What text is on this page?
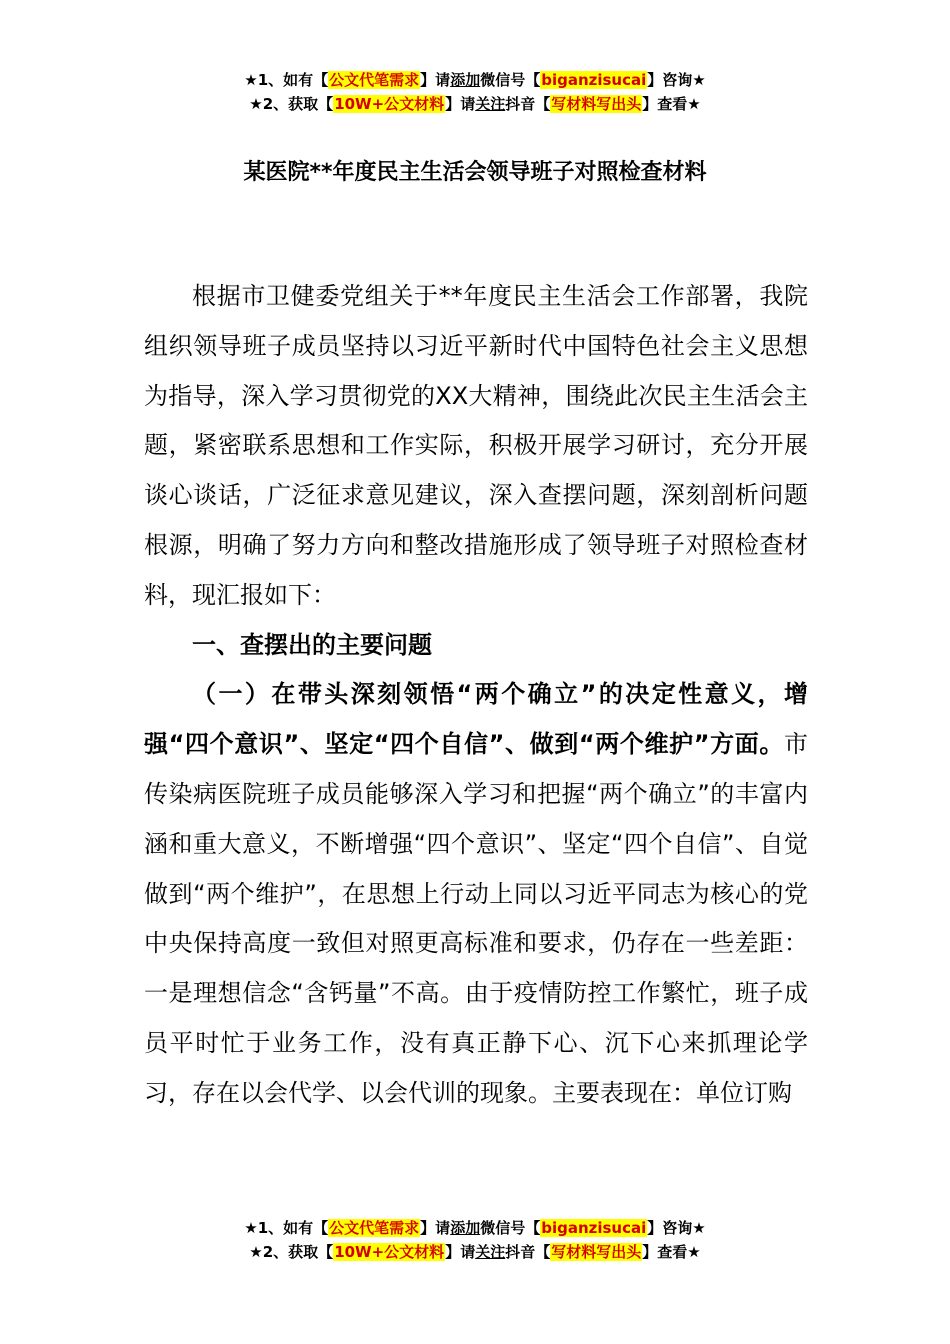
★1、如有【公文代笔需求】请添加微信号【biganzisucai】咨询★
★2、获取【10W+公文材料】请关注抖音【写材料写出头】查看★
某医院**年度民主生活会领导班子对照检查材料

根据市卫健委党组关于**年度民主生活会工作部署，我院组织领导班子成员坚持以习近平新时代中国特色社会主义思想为指导，深入学习贯彻党的XX大精神，围绕此次民主生活会主题，紧密联系思想和工作实际，积极开展学习研讨，充分开展谈心谈话，广泛征求意见建议，深入查摆问题，深刻剖析问题根源，明确了努力方向和整改措施形成了领导班子对照检查材料，现汇报如下：

一、查摆出的主要问题

（一）在带头深刻领悟“两个确立”的决定性意义，增强“四个意识”、坚定“四个自信”、做到“两个维护”方面。市传染病医院班子成员能够深入学习和把握“两个确立”的丰富内涵和重大意义，不断增强“四个意识”、坚定“四个自信”、自觉做到“两个维护”，在思想上行动上同以习近平同志为核心的党中央保持高度一致但对照更高标准和要求，仍存在一些差距：一是理想信念“含钙量”不高。由于疫情防控工作繁忙，班子成员平时忙于业务工作，没有真正静下心、沉下心来抓理论学习，存在以会代学、以会代训的现象。主要表现在：单位订购

★1、如有【公文代笔需求】请添加微信号【biganzisucai】咨询★
★2、获取【10W+公文材料】请关注抖音【写材料写出头】查看★
